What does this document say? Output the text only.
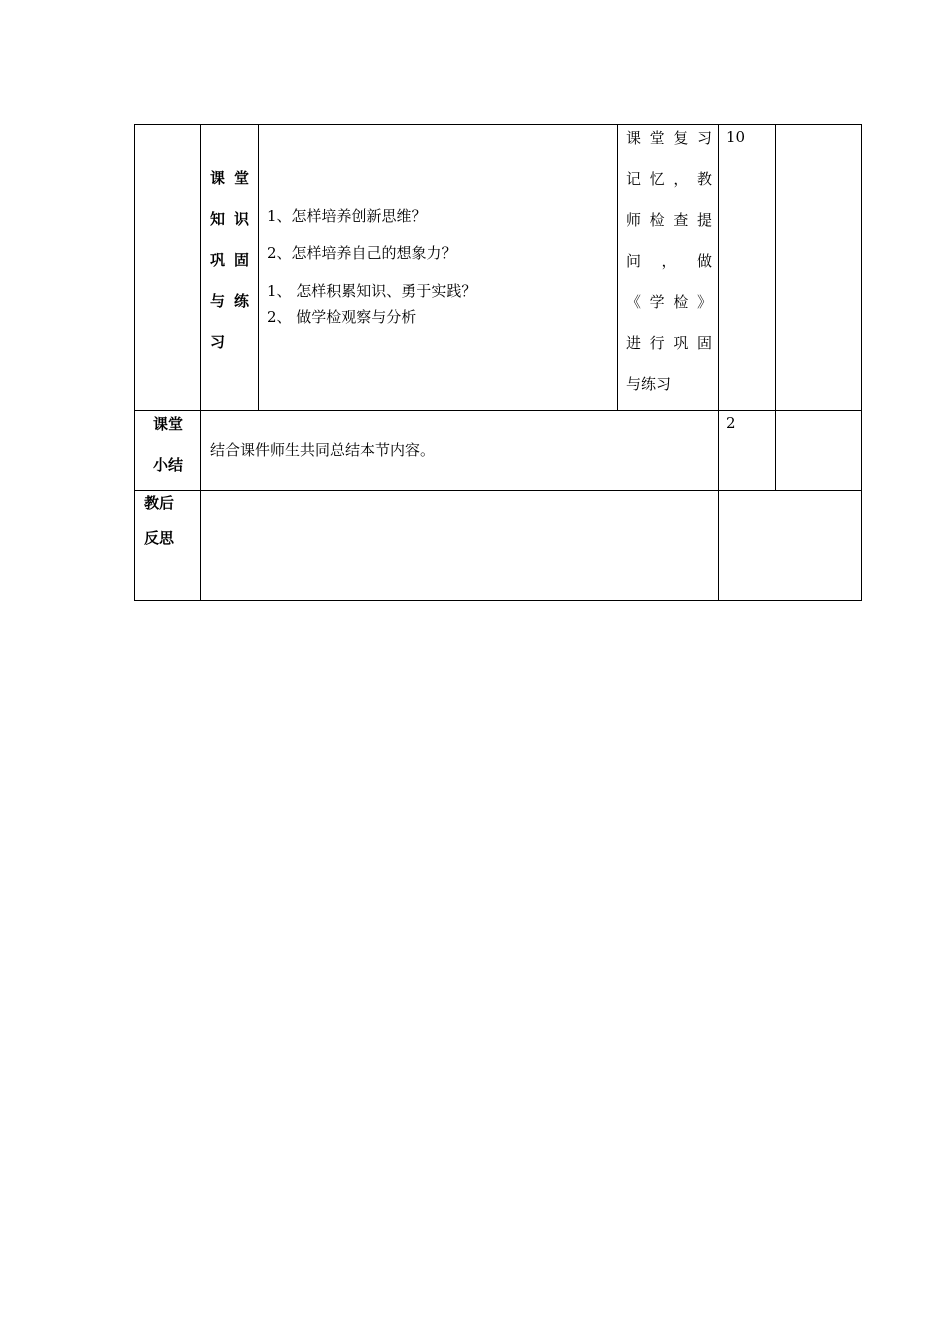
课堂
知识
巩固
与练
习
1、怎样培养创新思维？
2、怎样培养自己的想象力？
1、 怎样积累知识、勇于实践？
2、 做学检观察与分析
课 堂 复 习
记 忆 ， 教
师 检 查 提
问 ， 做
《 学 检 》
进 行 巩 固
与练习
10
课堂
小结
结合课件师生共同总结本节内容。
2
教后
反思
